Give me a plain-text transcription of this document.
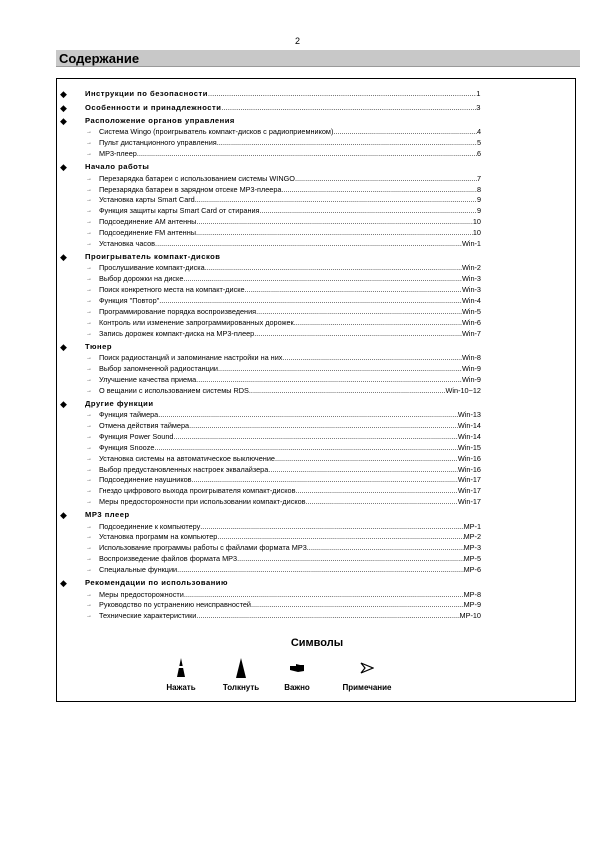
2
Содержание
◆ Инструкции по безопасности .....	1
◆ Особенности и принадлежности .....	3
◆ Расположение органов управления
→ Система Wingo (проигрыватель компакт-дисков с радиоприемником) .....	4
→ Пульт дистанционного управления .....	5
→ MP3-плеер .....	6
◆ Начало работы
→ Перезарядка батареи с использованием системы WINGO .....	7
→ Перезарядка батареи в зарядном отсеке MP3-плеера .....	8
→ Установка карты Smart Card .....	9
→ Функция защиты карты Smart Card от стирания .....	9
→ Подсоединение AM антенны .....	10
→ Подсоединение FM антенны .....	10
→ Установка часов .....	Win-1
◆ Проигрыватель компакт-дисков
→ Прослушивание компакт-диска .....	Win-2
→ Выбор дорожки на диске .....	Win-3
→ Поиск конкретного места на компакт-диске .....	Win-3
→ Функция "Повтор" .....	Win-4
→ Программирование порядка воспроизведения .....	Win-5
→ Контроль или изменение запрограммированных дорожек .....	Win-6
→ Запись дорожек компакт-диска на MP3-плеер .....	Win-7
◆ Тюнер
→ Поиск радиостанций и запоминание настройки на них .....	Win-8
→ Выбор запомненной радиостанции .....	Win-9
→ Улучшение качества приема .....	Win-9
→ О вещании с использованием системы RDS .....	Win-10~12
◆ Другие функции
→ Функция таймера .....	Win-13
→ Отмена действия таймера .....	Win-14
→ Функция Power Sound .....	Win-14
→ Функция Snooze .....	Win-15
→ Установка системы на автоматическое выключение .....	Win-16
→ Выбор предустановленных настроек эквалайзера .....	Win-16
→ Подсоединение наушников .....	Win-17
→ Гнездо цифрового выхода проигрывателя компакт-дисков .....	Win-17
→ Меры предосторожности при использовании компакт-дисков .....	Win-17
◆ MP3 плеер
→ Подсоединение к компьютеру .....	MP-1
→ Установка программ на компьютер .....	MP-2
→ Использование программы работы с файлами формата MP3 .....	MP-3
→ Воспроизведение файлов формата MP3 .....	MP-5
→ Специальные функции .....	MP-6
◆ Рекомендации по использованию
→ Меры предосторожности .....	MP-8
→ Руководство по устранению неисправностей .....	MP-9
→ Технические характеристики .....	MP-10
Символы
Нажать	Толкнуть	Важно	Примечание
